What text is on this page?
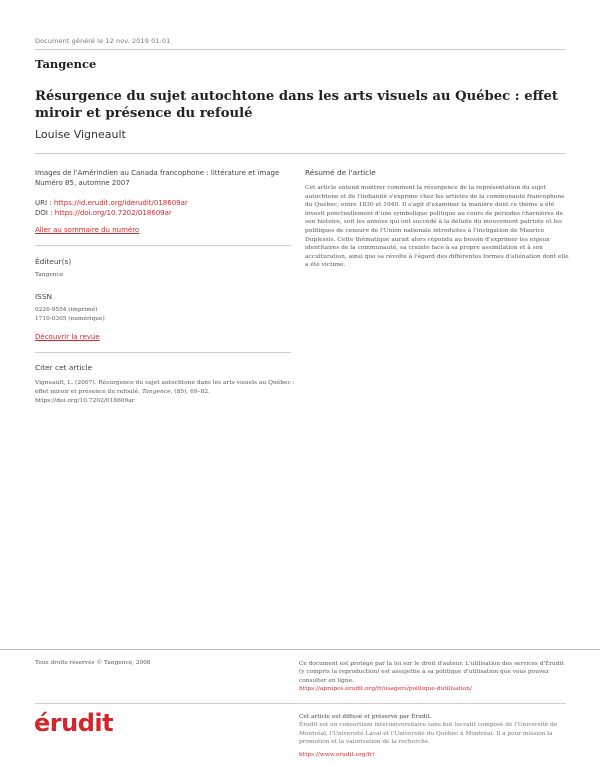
Document généré le 12 nov. 2019 01:01
Tangence
Résurgence du sujet autochtone dans les arts visuels au Québec : effet miroir et présence du refoulé
Louise Vigneault
Images de l'Amérindien au Canada francophone : littérature et image
Numéro 85, automne 2007
URI : https://id.erudit.org/iderudit/018609ar
DOI : https://doi.org/10.7202/018609ar
Aller au sommaire du numéro
Éditeur(s)
Tangence
ISSN
0226-9554 (imprimé)
1710-0305 (numérique)
Découvrir la revue
Citer cet article
Vigneault, L. (2007). Résurgence du sujet autochtone dans les arts visuels au Québec : effet miroir et présence du refoulé. Tangence, (85), 69–82. https://doi.org/10.7202/018609ar
Résumé de l'article
Cet article entend montrer comment la résurgence de la représentation du sujet autochtone et de l'indianité s'exprime chez les artistes de la communauté francophone du Québec, entre 1830 et 1940. Il s'agit d'examiner la manière dont ce thème a été investi ponctuellement d'une symbolique politique au cours de périodes charnières de son histoire, soit les années qui ont succédé à la défaite du mouvement patriote et les politiques de censure de l'Union nationale introduites à l'instigation de Maurice Duplessis. Cette thématique aurait alors répondu au besoin d'exprimer les enjeux identitaires de la communauté, sa crainte face à sa propre assimilation et à son acculturation, ainsi que sa révolte à l'égard des différentes formes d'aliénation dont elle a été victime.
Tous droits réservés © Tangence, 2008	Ce document est protégé par la loi sur le droit d'auteur. L'utilisation des services d'Érudit (y compris la reproduction) est assujettie à sa politique d'utilisation que vous pouvez consulter en ligne.
https://apropos.erudit.org/fr/usagers/politique-dutilisation/
érudit	Cet article est diffusé et préservé par Érudit.
Érudit est un consortium interuniversitaire sans but lucratif composé de l'Université de Montréal, l'Université Laval et l'Université du Québec à Montréal. Il a pour mission la promotion et la valorisation de la recherche.
https://www.erudit.org/fr/
